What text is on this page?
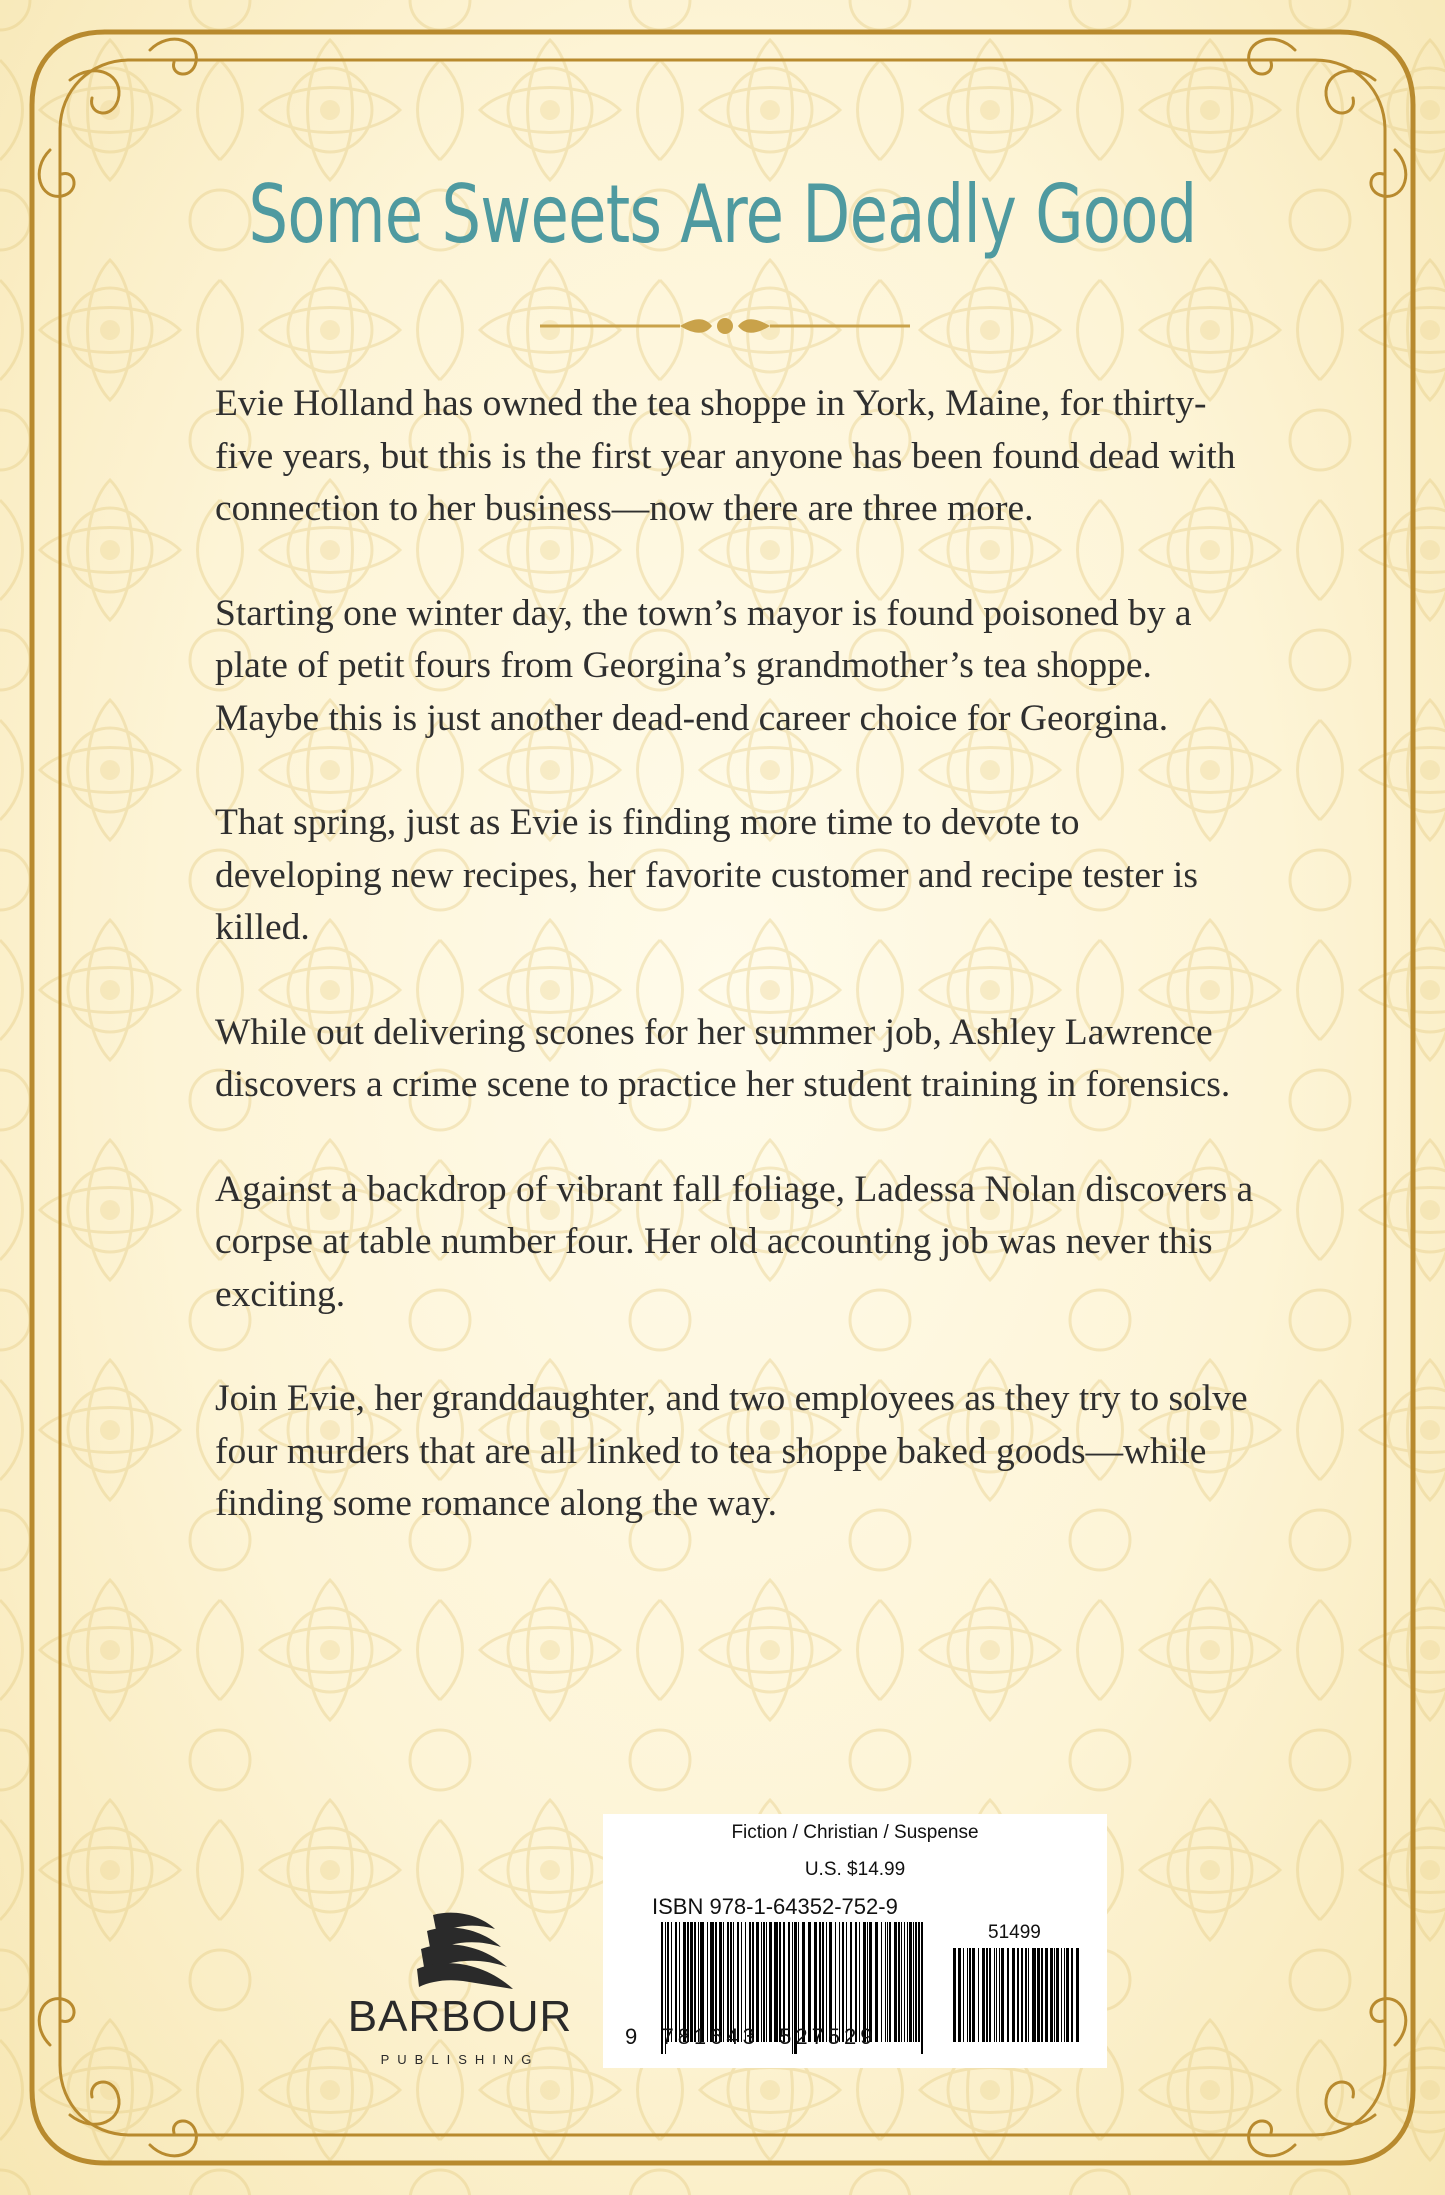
Some Sweets Are Deadly Good

Evie Holland has owned the tea shoppe in York, Maine, for thirty-five years, but this is the first year anyone has been found dead with connection to her business—now there are three more.

Starting one winter day, the town’s mayor is found poisoned by a plate of petit fours from Georgina’s grandmother’s tea shoppe. Maybe this is just another dead-end career choice for Georgina.

That spring, just as Evie is finding more time to devote to developing new recipes, her favorite customer and recipe tester is killed.

While out delivering scones for her summer job, Ashley Lawrence discovers a crime scene to practice her student training in forensics.

Against a backdrop of vibrant fall foliage, Ladessa Nolan discovers a corpse at table number four. Her old accounting job was never this exciting.

Join Evie, her granddaughter, and two employees as they try to solve four murders that are all linked to tea shoppe baked goods—while finding some romance along the way.

BARBOUR
PUBLISHING
Fiction / Christian / Suspense
U.S. $14.99
ISBN 978-1-64352-752-9
51499
9  781643  527529
